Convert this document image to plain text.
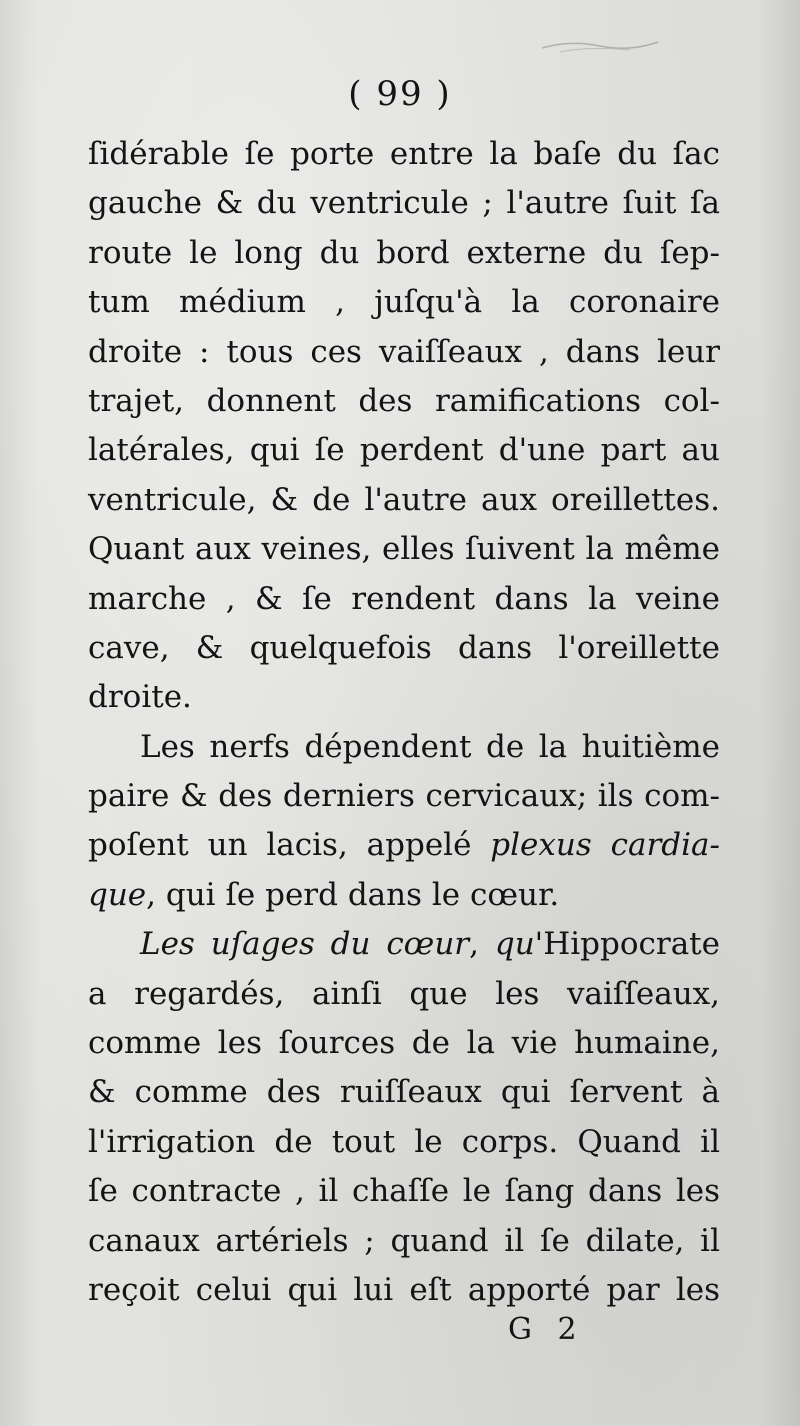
( 99 )
ſidérable ſe porte entre la baſe du ſac
gauche & du ventricule ; l'autre ſuit ſa
route le long du bord externe du ſep-
tum médium , juſqu'à la coronaire
droite : tous ces vaiſſeaux , dans leur
trajet, donnent des ramifications col-
latérales, qui ſe perdent d'une part au
ventricule, & de l'autre aux oreillettes.
Quant aux veines, elles ſuivent la même
marche , & ſe rendent dans la veine
cave, & quelquefois dans l'oreillette
droite.
Les nerfs dépendent de la huitième
paire & des derniers cervicaux; ils com-
poſent un lacis, appelé plexus cardia-
que, qui ſe perd dans le cœur.
Les uſages du cœur, qu'Hippocrate
a regardés, ainſi que les vaiſſeaux,
comme les ſources de la vie humaine,
& comme des ruiſſeaux qui ſervent à
l'irrigation de tout le corps. Quand il
ſe contracte , il chaſſe le ſang dans les
canaux artériels ; quand il ſe dilate, il
reçoit celui qui lui eſt apporté par les
G 2
